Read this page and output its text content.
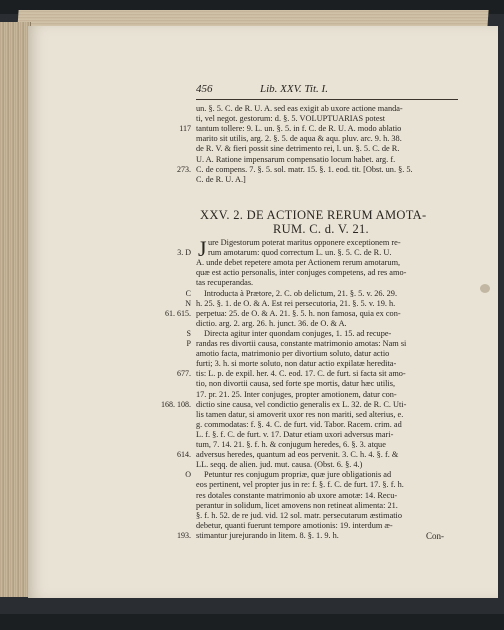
456	Lib. XXV. Tit. I.
un. §. 5. C. de R. U. A. sed eas exigit ab uxore actione manda-
ti, vel negot. gestorum: d. §. 5. VOLUPTUARIAS potest
tantum tollere: 9. L. un. §. 5. in f. C. de R. U. A. modo ablatio
marito sit utilis, arg. 2. §. 5. de aqua & aqu. pluv. arc. 9. h. 38.
de R. V. & fieri possit sine detrimento rei, l. un. §. 5. C. de R.
U. A. Ratione impensarum compensatio locum habet. arg. f.
C. de compens. 7. §. 5. sol. matr. 15. §. 1. eod. tit. [Obst. un. §. 5.
C. de R. U. A.]
117
273.
XXV. 2. DE ACTIONE RERUM AMOTA-
RUM. C. d. V. 21.
J ure Digestorum poterat maritus opponere exceptionem re-
rum amotarum: quod correctum L. un. §. 5. C. de R. U.
A. unde debet repetere amota per Actionem rerum amotarum,
quæ est actio personalis, inter conjuges competens, ad res amo-
tas recuperandas.
Introducta à Prætore, 2. C. ob delictum, 21. §. 5. v. 26. 29.
h. 25. §. 1. de O. & A. Est rei persecutoria, 21. §. 5. v. 19. h.
perpetua: 25. de O. & A. 21. §. 5. h. non famosa, quia ex con-
dictio. arg. 2. arg. 26. h. junct. 36. de O. & A.
Directa agitur inter quondam conjuges, 1. 15. ad recupe-
randas res divortii causa, constante matrimonio amotas: Nam si
amotio facta, matrimonio per divortium soluto, datur actio
furti; 3. h. si morte soluto, non datur actio expilatæ heredita-
tis: L. p. de expil. her. 4. C. eod. 17. C. de furt. si facta sit amo-
tio, non divortii causa, sed forte spe mortis, datur hæc utilis,
17. pr. 21. 25. Inter conjuges, propter amotionem, datur con-
dictio sine causa, vel condictio generalis ex L. 32. de R. C. Uti-
lis tamen datur, si amoverit uxor res non mariti, sed alterius, e.
g. commodatas: f. §. 4. C. de furt. vid. Tabor. Racem. crim. ad
L. f. §. f. C. de furt. v. 17. Datur etiam uxori adversus mari-
tum, 7. 14. 21. §. f. h. & conjugum heredes, 6. §. 3. atque
adversus heredes, quantum ad eos pervenit. 3. C. h. 4. §. f. &
LL. seqq. de alien. jud. mut. causa. (Obst. 6. §. 4.)
Petuntur res conjugum propriæ, quæ jure obligationis ad
eos pertinent, vel propter jus in re: f. §. f. C. de furt. 17. §. f. h.
res dotales constante matrimonio ab uxore amotæ: 14. Recu-
perantur in solidum, licet amovens non retineat alimenta: 21.
§. f. h. 52. de re jud. vid. 12 sol. matr. persecutarum æstimatio
debetur, quanti fuerunt tempore amotionis: 19. interdum æ-
stimantur jurejurando in litem. 8. §. 1. 9. h.
3. D
C
N
61. 615.
S
P
677.
168. 108.
614.
O
193.	Con-
